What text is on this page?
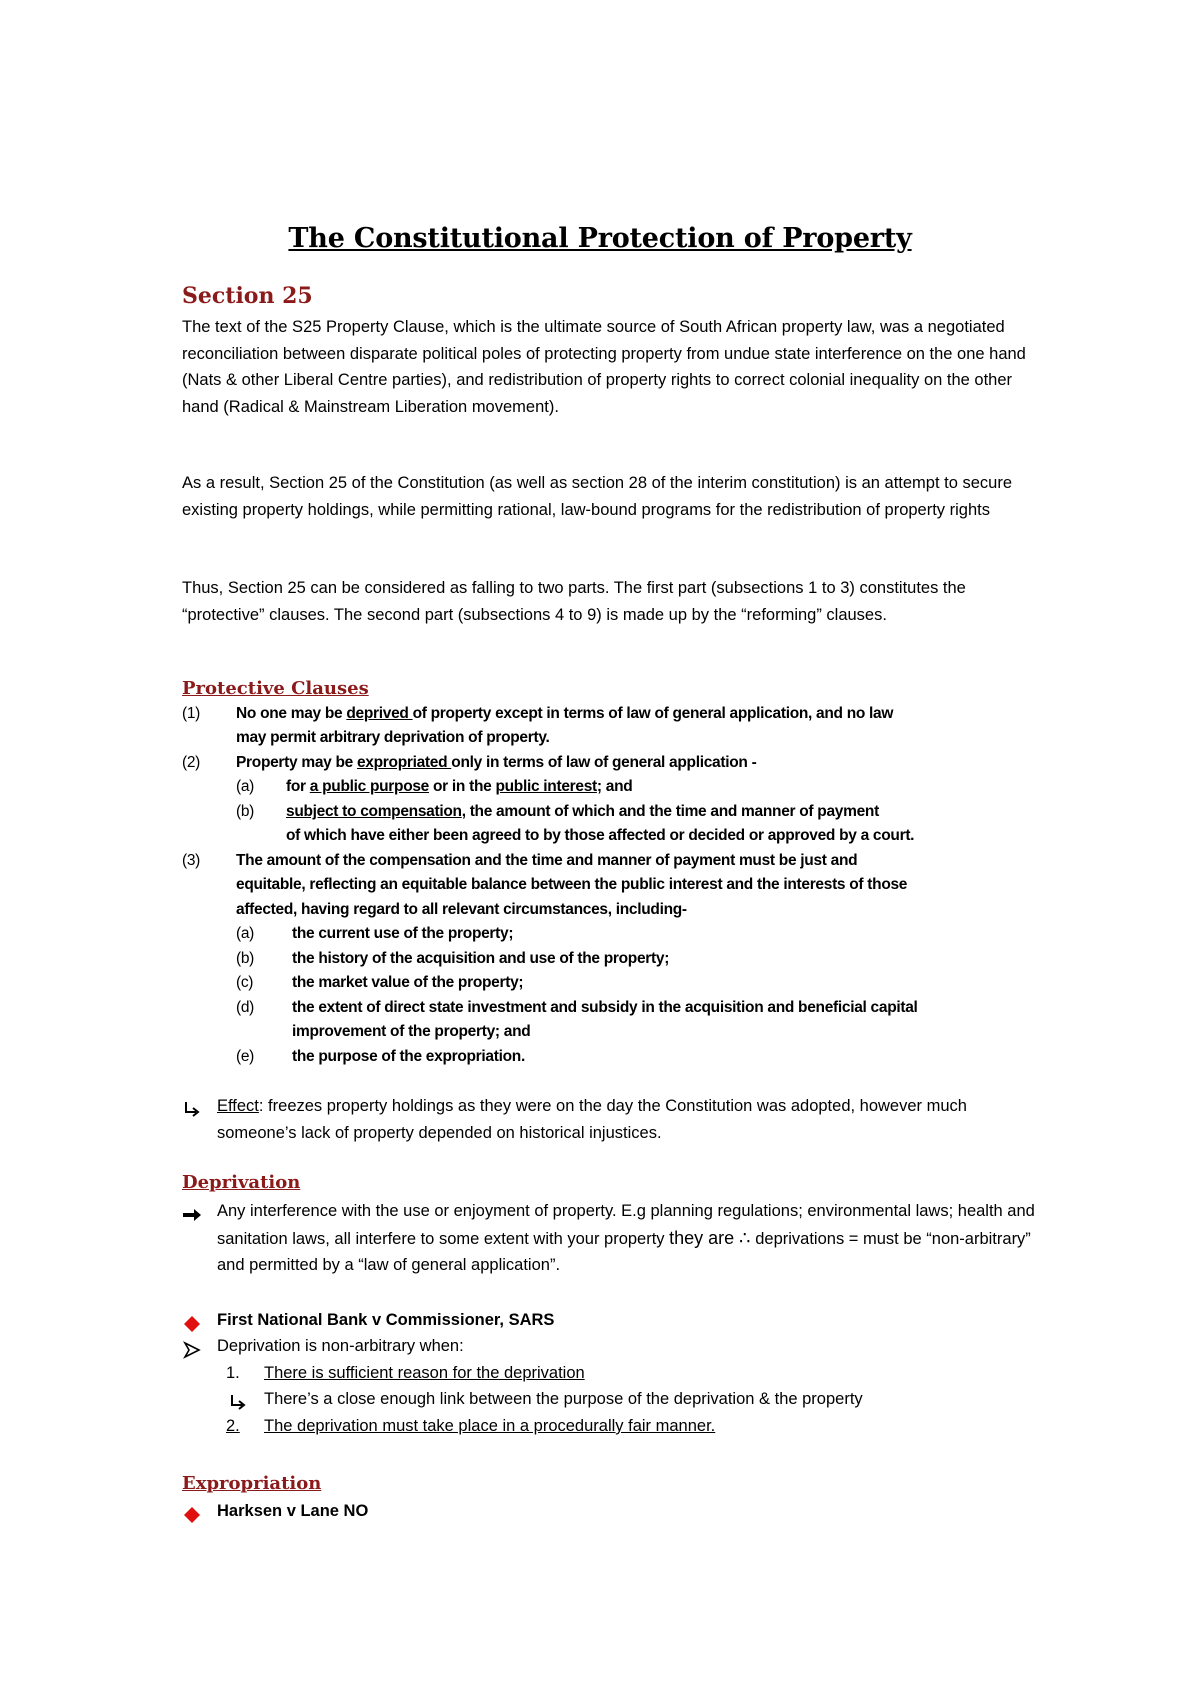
The Constitutional Protection of Property
Section 25

The text of the S25 Property Clause, which is the ultimate source of South African property law, was a negotiated reconciliation between disparate political poles of protecting property from undue state interference on the one hand (Nats & other Liberal Centre parties), and redistribution of property rights to correct colonial inequality on the other hand (Radical & Mainstream Liberation movement).

As a result, Section 25 of the Constitution (as well as section 28 of the interim constitution) is an attempt to secure existing property holdings, while permitting rational, law-bound programs for the redistribution of property rights

Thus, Section 25 can be considered as falling to two parts. The first part (subsections 1 to 3) constitutes the “protective” clauses. The second part (subsections 4 to 9) is made up by the “reforming” clauses.

Protective Clauses
(1) No one may be deprived of property except in terms of law of general application, and no law
may permit arbitrary deprivation of property.
(2) Property may be expropriated only in terms of law of general application -
(a) for a public purpose or in the public interest; and
(b) subject to compensation, the amount of which and the time and manner of payment
of which have either been agreed to by those affected or decided or approved by a court.
(3) The amount of the compensation and the time and manner of payment must be just and
equitable, reflecting an equitable balance between the public interest and the interests of those
affected, having regard to all relevant circumstances, including-
(a) the current use of the property;
(b) the history of the acquisition and use of the property;
(c)	the market value of the property;
(d) the extent of direct state investment and subsidy in the acquisition and beneficial capital
improvement of the property; and
(e) the purpose of the expropriation.

Effect: freezes property holdings as they were on the day the Constitution was adopted, however much someone’s lack of property depended on historical injustices.

Deprivation

Any interference with the use or enjoyment of property. E.g planning regulations; environmental laws; health and sanitation laws, all interfere to some extent with your property they are ∴ deprivations = must be “non-arbitrary” and permitted by a “law of general application”.

First National Bank v Commissioner, SARS

Deprivation is non-arbitrary when:

1. There is sufficient reason for the deprivation

There’s a close enough link between the purpose of the deprivation & the property

2. The deprivation must take place in a procedurally fair manner.
Expropriation

Harksen v Lane NO
